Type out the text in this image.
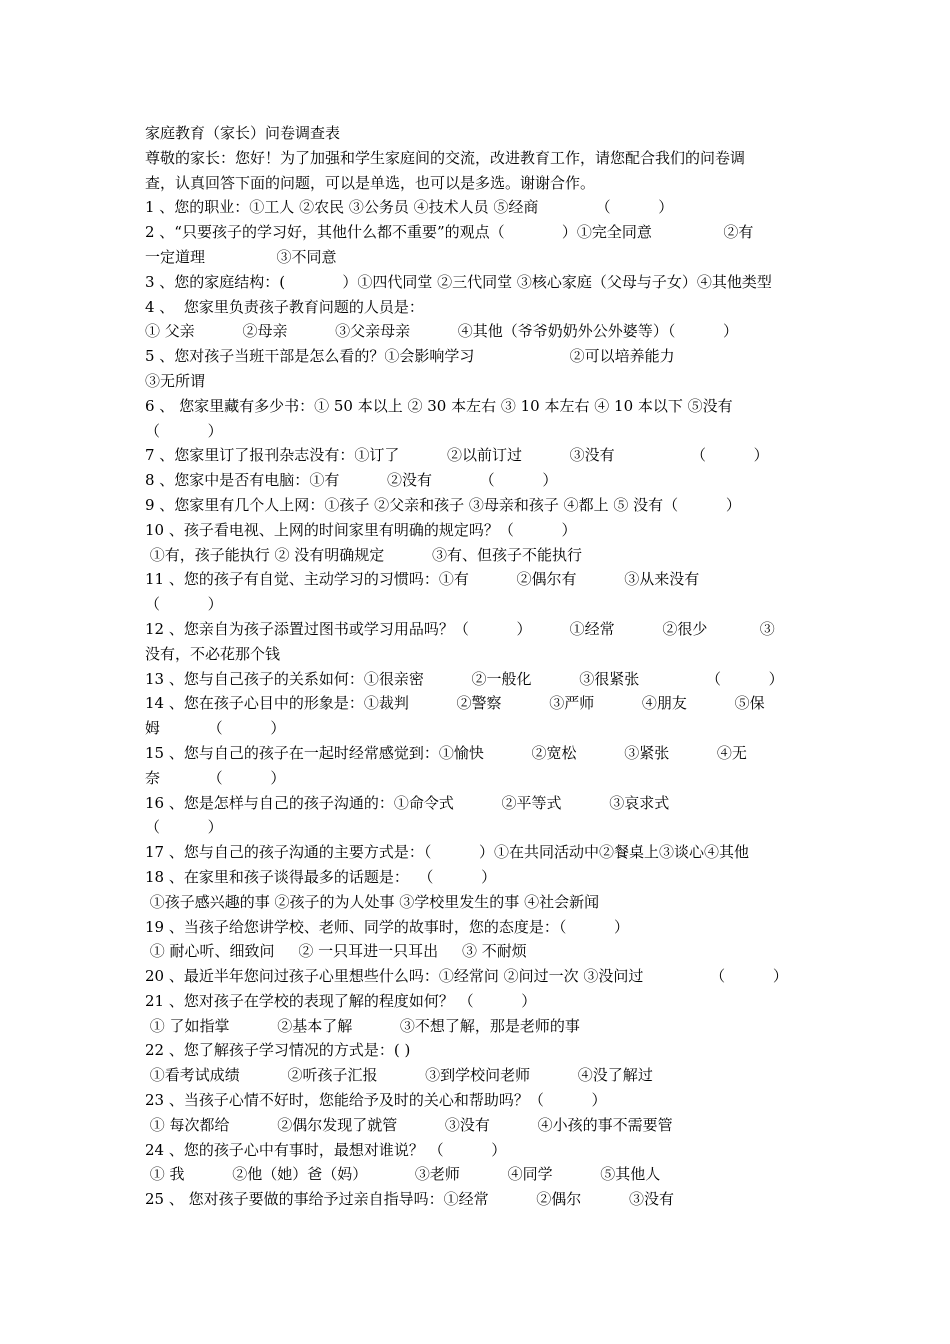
家庭教育（家长）问卷调查表
尊敬的家长：您好！为了加强和学生家庭间的交流，改进教育工作，请您配合我们的问卷调
查，认真回答下面的问题，可以是单选，也可以是多选。谢谢合作。
1 、您的职业：①工人 ②农民 ③公务员 ④技术人员 ⑤经商            （          ）
2 、“只要孩子的学习好，其他什么都不重要”的观点（            ）①完全同意               ②有
一定道理               ③不同意
3 、您的家庭结构：(            ）①四代同堂 ②三代同堂 ③核心家庭（父母与子女）④其他类型
4 、  您家里负责孩子教育问题的人员是：
① 父亲          ②母亲          ③父亲母亲          ④其他（爷爷奶奶外公外婆等）（          ）
5 、您对孩子当班干部是怎么看的？①会影响学习                    ②可以培养能力
③无所谓
6 、 您家里藏有多少书：① 50 本以上 ② 30 本左右 ③ 10 本左右 ④ 10 本以下 ⑤没有
（          ）
7 、您家里订了报刊杂志没有：①订了          ②以前订过          ③没有                （          ）
8 、您家中是否有电脑：①有          ②没有          （          ）
9 、您家里有几个人上网：①孩子 ②父亲和孩子 ③母亲和孩子 ④都上 ⑤ 没有（          ）
10 、孩子看电视、上网的时间家里有明确的规定吗？（          ）
①有，孩子能执行 ② 没有明确规定          ③有、但孩子不能执行
11 、您的孩子有自觉、主动学习的习惯吗：①有          ②偶尔有          ③从来没有
（          ）
12 、您亲自为孩子添置过图书或学习用品吗？（          ）        ①经常          ②很少           ③
没有，不必花那个钱
13 、您与自己孩子的关系如何：①很亲密          ②一般化          ③很紧张              （          ）
14 、您在孩子心目中的形象是：①裁判          ②警察          ③严师          ④朋友          ⑤保
姆          （          ）
15 、您与自己的孩子在一起时经常感觉到：①愉快          ②宽松          ③紧张          ④无
奈          （          ）
16 、您是怎样与自己的孩子沟通的：①命令式          ②平等式          ③哀求式
（          ）
17 、您与自己的孩子沟通的主要方式是：（          ）①在共同活动中②餐桌上③谈心④其他
18 、在家里和孩子谈得最多的话题是：  （          ）
①孩子感兴趣的事 ②孩子的为人处事 ③学校里发生的事 ④社会新闻
19 、当孩子给您讲学校、老师、同学的故事时，您的态度是：（          ）
① 耐心听、细致问     ② 一只耳进一只耳出     ③ 不耐烦
20 、最近半年您问过孩子心里想些什么吗：①经常问 ②问过一次 ③没问过              （          ）
21 、您对孩子在学校的表现了解的程度如何？ （          ）
① 了如指掌          ②基本了解          ③不想了解，那是老师的事
22 、您了解孩子学习情况的方式是：( )
①看考试成绩          ②听孩子汇报          ③到学校问老师          ④没了解过
23 、当孩子心情不好时，您能给予及时的关心和帮助吗？（          ）
① 每次都给          ②偶尔发现了就管          ③没有          ④小孩的事不需要管
24 、您的孩子心中有事时，最想对谁说？ （          ）
① 我          ②他（她）爸（妈）          ③老师          ④同学          ⑤其他人
25 、 您对孩子要做的事给予过亲自指导吗：①经常          ②偶尔          ③没有
